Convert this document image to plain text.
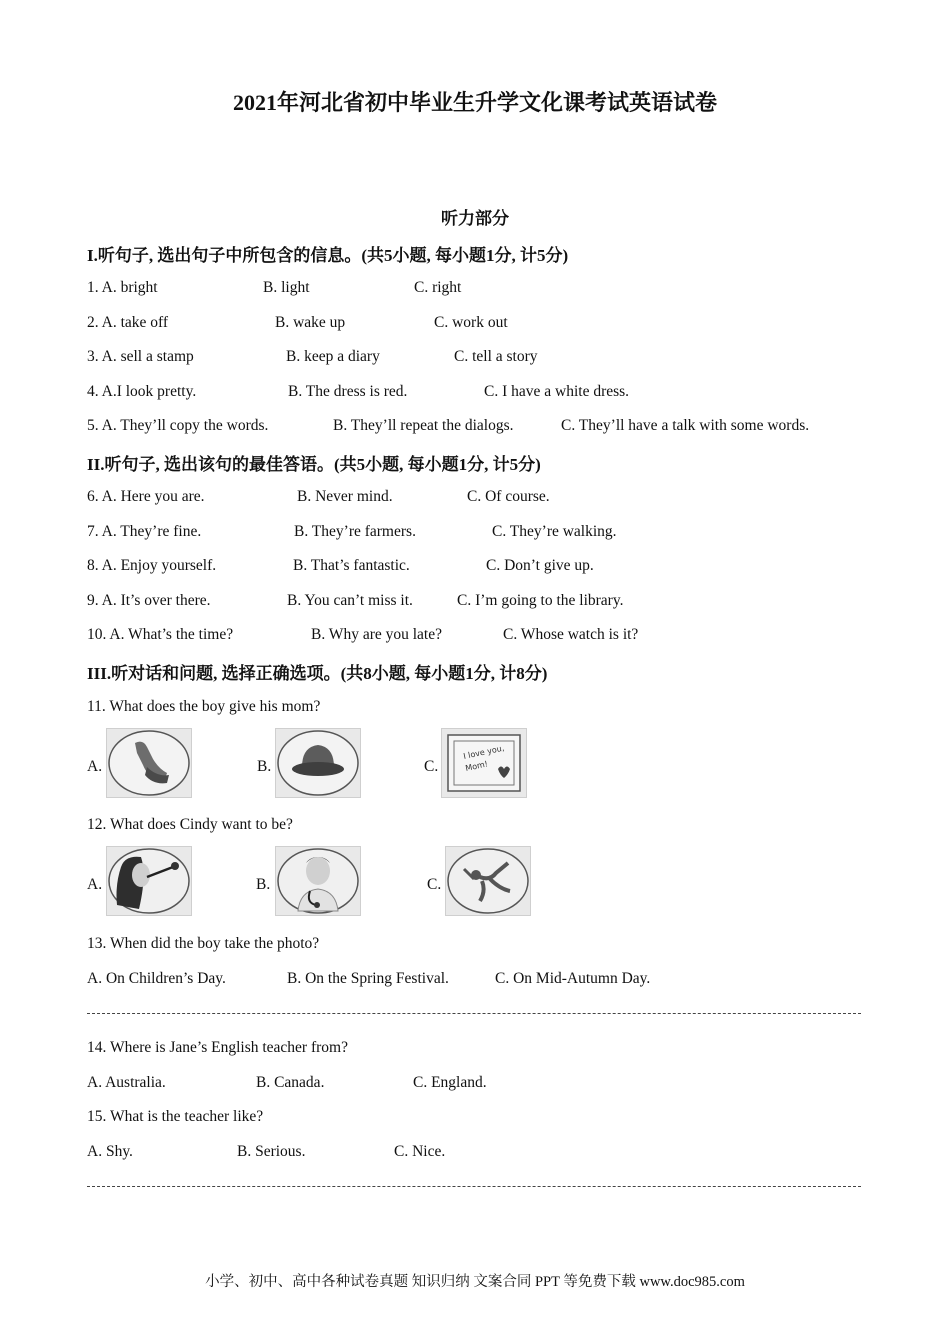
2021年河北省初中毕业生升学文化课考试英语试卷
听力部分
I.听句子, 选出句子中所包含的信息。(共5小题, 每小题1分, 计5分)
1. A. bright	B. light	C. right
2. A. take off	B. wake up	C. work out
3. A. sell a stamp	B. keep a diary	C. tell a story
4. A.I look pretty.	B. The dress is red.	C. I have a white dress.
5. A. They’ll copy the words.	B. They’ll repeat the dialogs.	C. They’ll have a talk with some words.
II.听句子, 选出该句的最佳答语。(共5小题, 每小题1分, 计5分)
6. A. Here you are.	B. Never mind.	C. Of course.
7. A. They’re fine.	B. They’re farmers.	C. They’re walking.
8. A. Enjoy yourself.	B. That’s fantastic.	C. Don’t give up.
9. A. It’s over there.	B. You can’t miss it.	C. I’m going to the library.
10. A. What’s the time?	B. Why are you late?	C. Whose watch is it?
III.听对话和问题, 选择正确选项。(共8小题, 每小题1分, 计8分)
11. What does the boy give his mom?
A.	B.	C.
I love you,
Mom!
12. What does Cindy want to be?
A.	B.	C.
13. When did the boy take the photo?
A. On Children’s Day.	B. On the Spring Festival.	C. On Mid-Autumn Day.
14. Where is Jane’s English teacher from?
A. Australia.	B. Canada.	C. England.
15. What is the teacher like?
A. Shy.	B. Serious.	C. Nice.
小学、初中、高中各种试卷真题 知识归纳 文案合同 PPT 等免费下载 www.doc985.com
